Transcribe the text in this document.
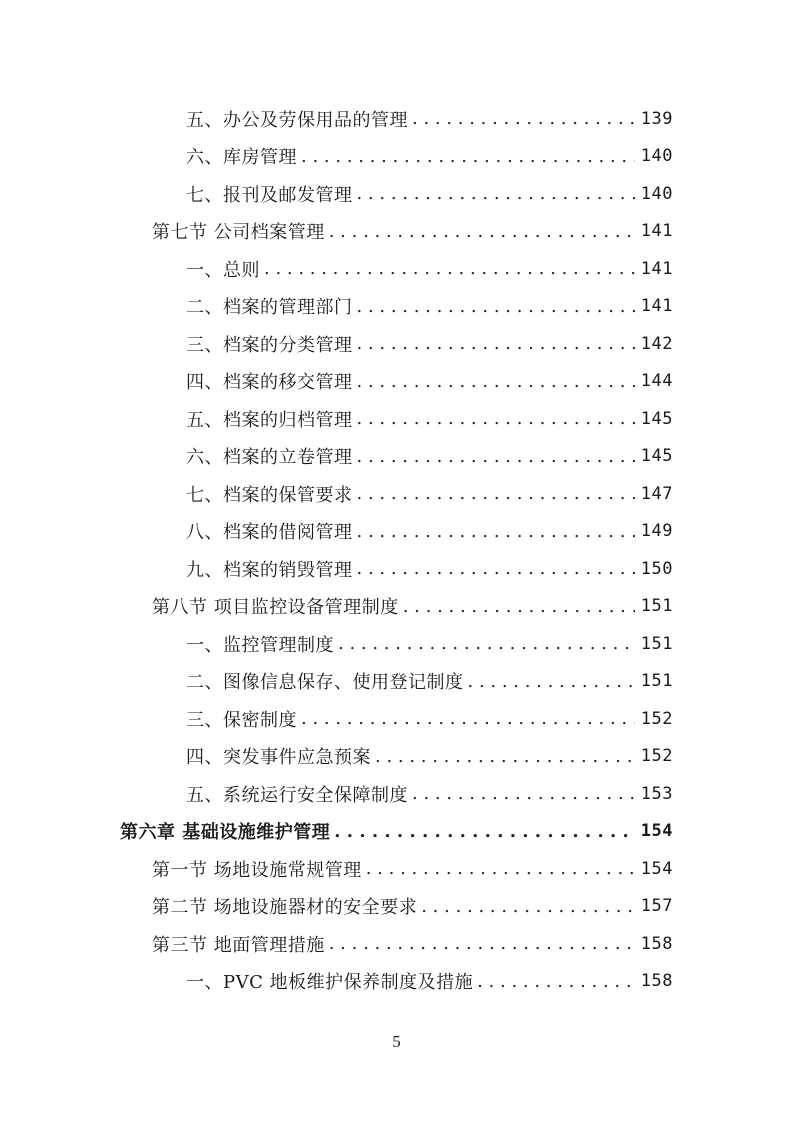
五、办公及劳保用品的管理 . . .	139
六、库房管理 . . .	140
七、报刊及邮发管理 . . .	140
第七节 公司档案管理 . . .	141
一、总则 . . .	141
二、档案的管理部门 . . .	141
三、档案的分类管理 . . .	142
四、档案的移交管理 . . .	144
五、档案的归档管理 . . .	145
六、档案的立卷管理 . . .	145
七、档案的保管要求 . . .	147
八、档案的借阅管理 . . .	149
九、档案的销毁管理 . . .	150
第八节 项目监控设备管理制度 . . .	151
一、监控管理制度 . . .	151
二、图像信息保存、使用登记制度 . . .	151
三、保密制度 . . .	152
四、突发事件应急预案 . . .	152
五、系统运行安全保障制度 . . .	153
第六章 基础设施维护管理 . . .	154
第一节 场地设施常规管理 . . .	154
第二节 场地设施器材的安全要求 . . .	157
第三节 地面管理措施 . . .	158
一、PVC 地板维护保养制度及措施 . . .	158
5
